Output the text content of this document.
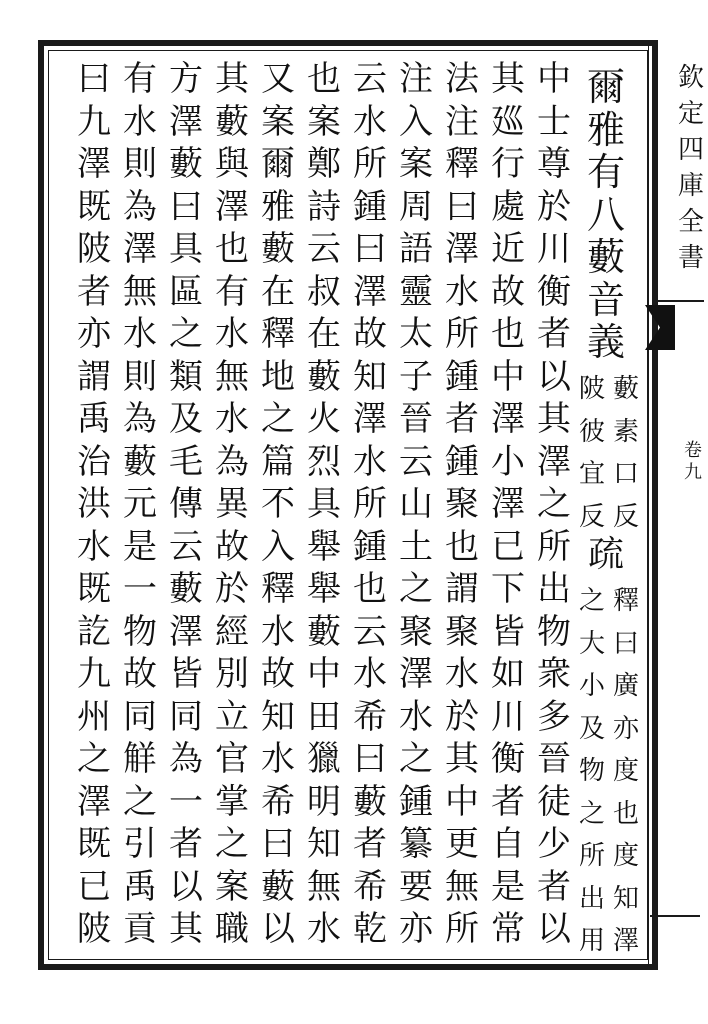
欽
定
四
庫
全
書
卷
九
爾
雅
有
八
藪
音
義
藪
素
口
反
陂
彼
宜
反
疏
釋
曰
廣
亦
度
也
度
知
澤
之
大
小
及
物
之
所
出
用
中
士
尊
於
川
衡
者
以
其
澤
之
所
出
物
衆
多
晉
徒
少
者
以
其
廵
行
處
近
故
也
中
澤
小
澤
已
下
皆
如
川
衡
者
自
是
常
法
注
釋
曰
澤
水
所
鍾
者
鍾
聚
也
謂
聚
水
於
其
中
更
無
所
注
入
案
周
語
靈
太
子
晉
云
山
土
之
聚
澤
水
之
鍾
纂
要
亦
云
水
所
鍾
曰
澤
故
知
澤
水
所
鍾
也
云
水
希
曰
藪
者
希
乾
也
案
鄭
詩
云
叔
在
藪
火
烈
具
舉
舉
藪
中
田
獵
明
知
無
水
又
案
爾
雅
藪
在
釋
地
之
篇
不
入
釋
水
故
知
水
希
曰
藪
以
其
藪
與
澤
也
有
水
無
水
為
異
故
於
經
別
立
官
掌
之
案
職
方
澤
藪
曰
具
區
之
類
及
毛
傳
云
藪
澤
皆
同
為
一
者
以
其
有
水
則
為
澤
無
水
則
為
藪
元
是
一
物
故
同
觧
之
引
禹
貢
曰
九
澤
既
陂
者
亦
謂
禹
治
洪
水
既
訖
九
州
之
澤
既
已
陂
